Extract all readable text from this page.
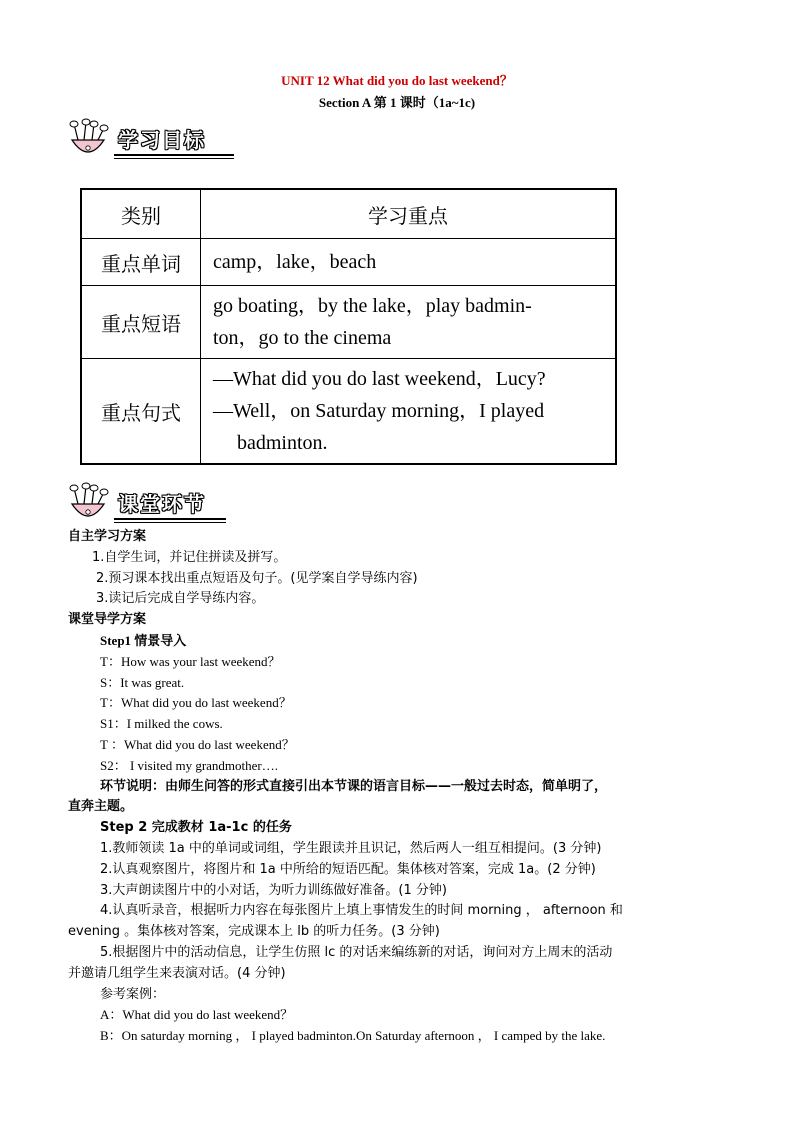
UNIT 12 What did you do last weekend？
Section A 第 1 课时（1a~1c)
学习目标
类别	学习重点
重点单词	camp，lake，beach

重点短语	go boating，by the lake，play badmin-
ton，go to the cinema

重点句式	—What did you do last weekend，Lucy?
—Well，on Saturday morning，I played
badminton.
课堂环节
自主学习方案
1.自学生词，并记住拼读及拼写。
2.预习课本找出重点短语及句子。(见学案自学导练内容)
3.读记后完成自学导练内容。
课堂导学方案
Step1 情景导入
T：How was your last weekend？
S：It was great.
T：What did you do last weekend？
S1：I milked the cows.
T ：What did you do last weekend？
S2： I visited my grandmother….
环节说明：由师生问答的形式直接引出本节课的语言目标——一般过去时态，简单明了，
直奔主题。
Step 2 完成教材 1a-1c 的任务
1.教师领读 1a 中的单词或词组，学生跟读并且识记，然后两人一组互相提问。(3 分钟)
2.认真观察图片，将图片和 1a 中所给的短语匹配。集体核对答案，完成 1a。(2 分钟)
3.大声朗读图片中的小对话，为听力训练做好准备。(1 分钟)
4.认真听录音，根据听力内容在每张图片上填上事情发生的时间 morning ， afternoon 和
evening 。集体核对答案，完成课本上 lb 的听力任务。(3 分钟)
5.根据图片中的活动信息，让学生仿照 lc 的对话来编练新的对话，询问对方上周末的活动
并邀请几组学生来表演对话。(4 分钟)
参考案例：
A：What did you do last weekend？
B：On saturday morning ， I played badminton.On Saturday afternoon ， I camped by the lake.
